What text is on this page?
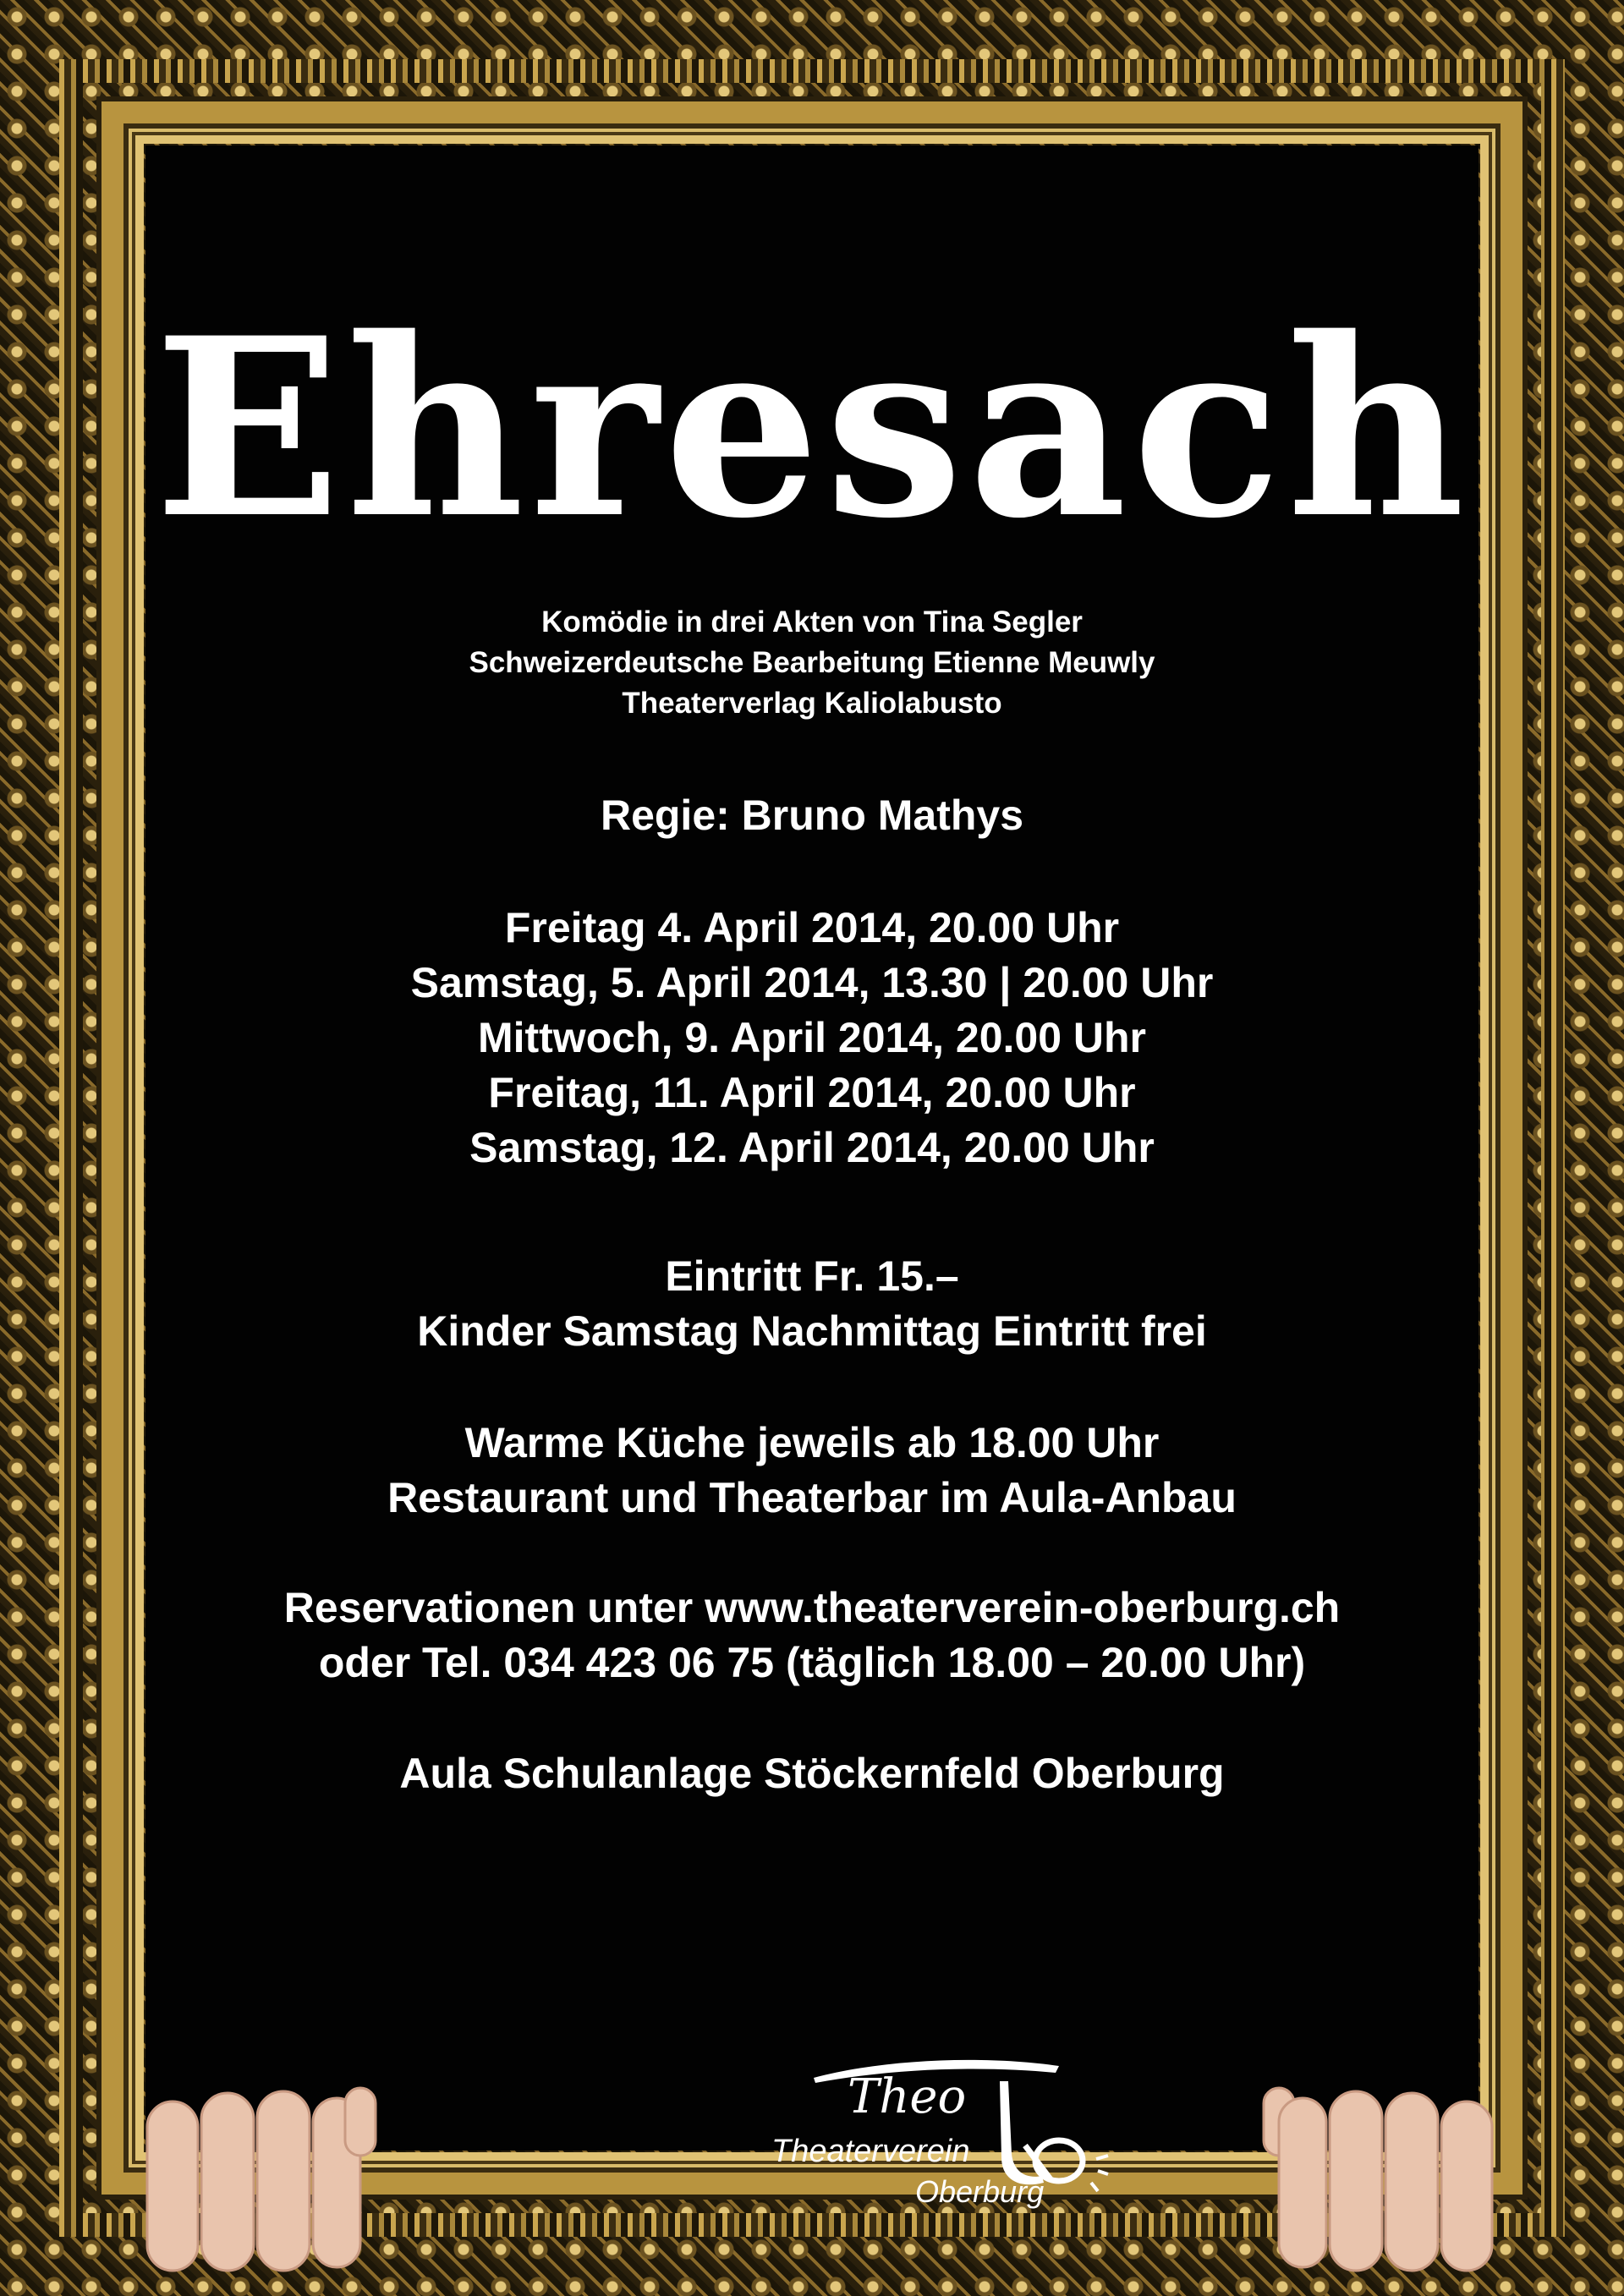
Ehresach
Komödie in drei Akten von Tina Segler
Schweizerdeutsche Bearbeitung Etienne Meuwly
Theaterverlag Kaliolabusto
Regie: Bruno Mathys
Freitag 4. April 2014, 20.00 Uhr
Samstag, 5. April 2014, 13.30 | 20.00 Uhr
Mittwoch, 9. April 2014, 20.00 Uhr
Freitag, 11. April 2014, 20.00 Uhr
Samstag, 12. April 2014, 20.00 Uhr
Eintritt Fr. 15.–
Kinder Samstag Nachmittag Eintritt frei
Warme Küche jeweils ab 18.00 Uhr
Restaurant und Theaterbar im Aula-Anbau
Reservationen unter www.theaterverein-oberburg.ch
oder Tel. 034 423 06 75 (täglich 18.00 – 20.00 Uhr)
Aula Schulanlage Stöckernfeld Oberburg
Theo
Theaterverein
Oberburg
